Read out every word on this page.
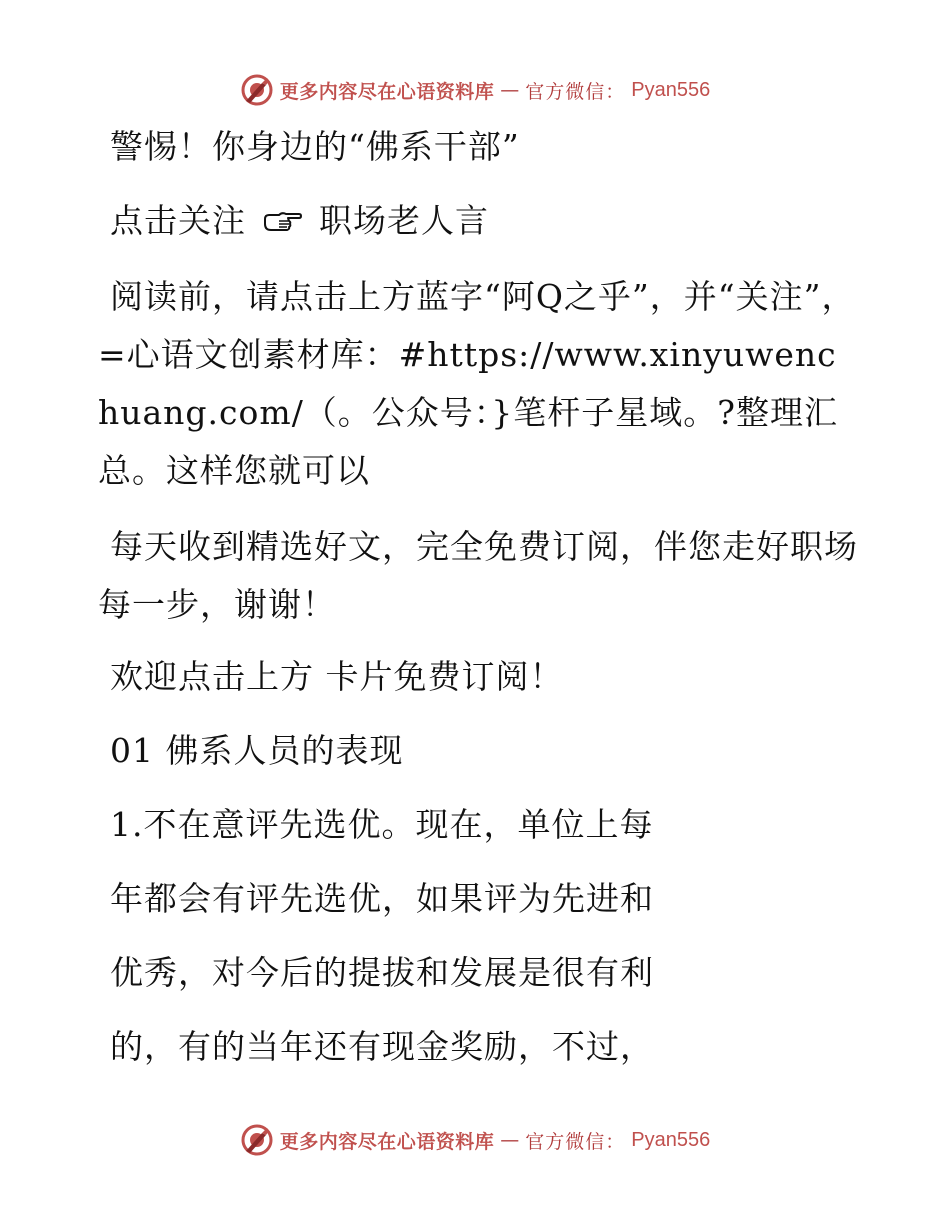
更多内容尽在心语资料库 — 官方微信： Pyan556

警惕！你身边的“佛系干部”

点击关注 职场老人言

阅读前，请点击上方蓝字“阿Q之乎”，并“关注”，=心语文创素材库：#https://www.xinyuwenchuang.com/（。公众号：}笔杆子星域。?整理汇总。这样您就可以

每天收到精选好文，完全免费订阅，伴您走好职场每一步，谢谢！

欢迎点击上方 卡片免费订阅！

01 佛系人员的表现

1.不在意评先选优。现在，单位上每

年都会有评先选优，如果评为先进和

优秀，对今后的提拔和发展是很有利

的，有的当年还有现金奖励，不过，

更多内容尽在心语资料库 — 官方微信： Pyan556
